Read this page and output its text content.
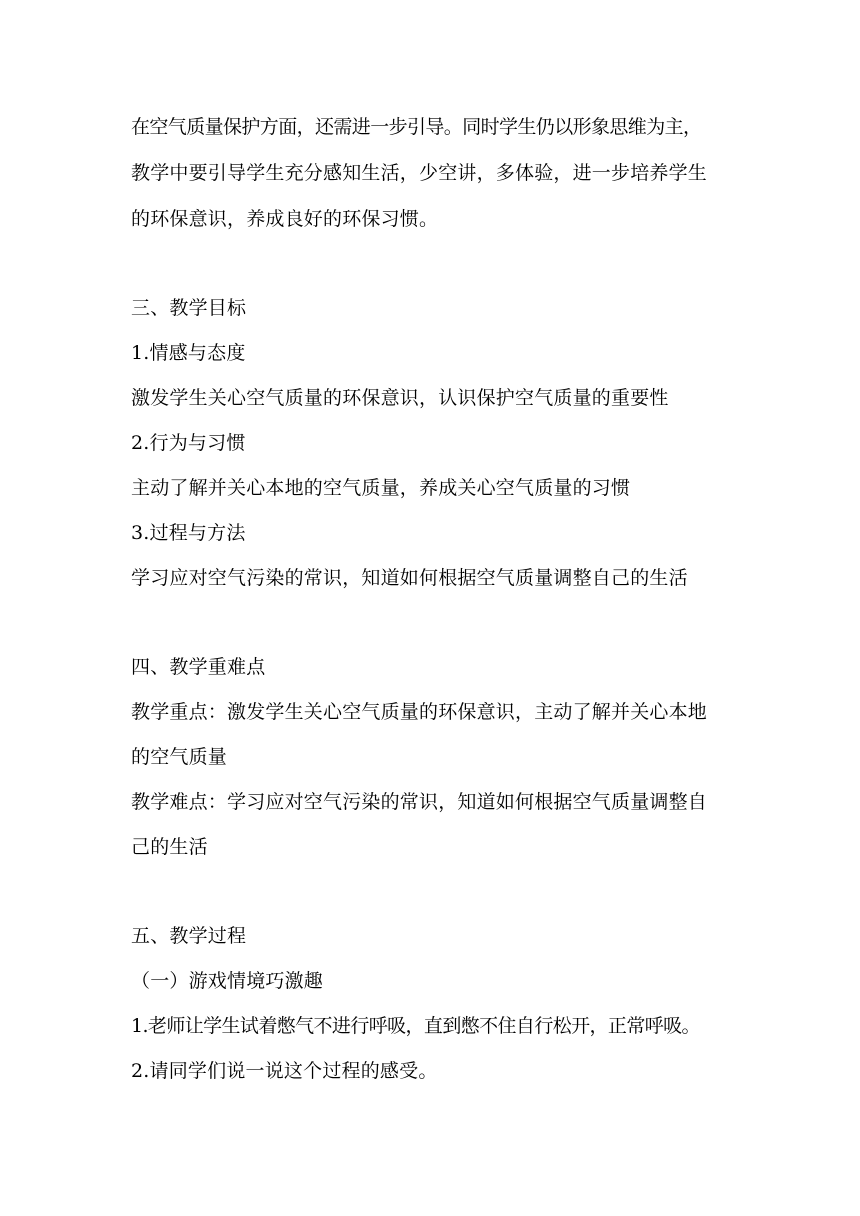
在空气质量保护方面，还需进一步引导。同时学生仍以形象思维为主，
教学中要引导学生充分感知生活，少空讲，多体验，进一步培养学生
的环保意识，养成良好的环保习惯。
三、教学目标
1.情感与态度
激发学生关心空气质量的环保意识，认识保护空气质量的重要性
2.行为与习惯
主动了解并关心本地的空气质量，养成关心空气质量的习惯
3.过程与方法
学习应对空气污染的常识，知道如何根据空气质量调整自己的生活
四、教学重难点
教学重点：激发学生关心空气质量的环保意识，主动了解并关心本地
的空气质量
教学难点：学习应对空气污染的常识，知道如何根据空气质量调整自
己的生活
五、教学过程
（一）游戏情境巧激趣
1.老师让学生试着憋气不进行呼吸，直到憋不住自行松开，正常呼吸。
2.请同学们说一说这个过程的感受。
